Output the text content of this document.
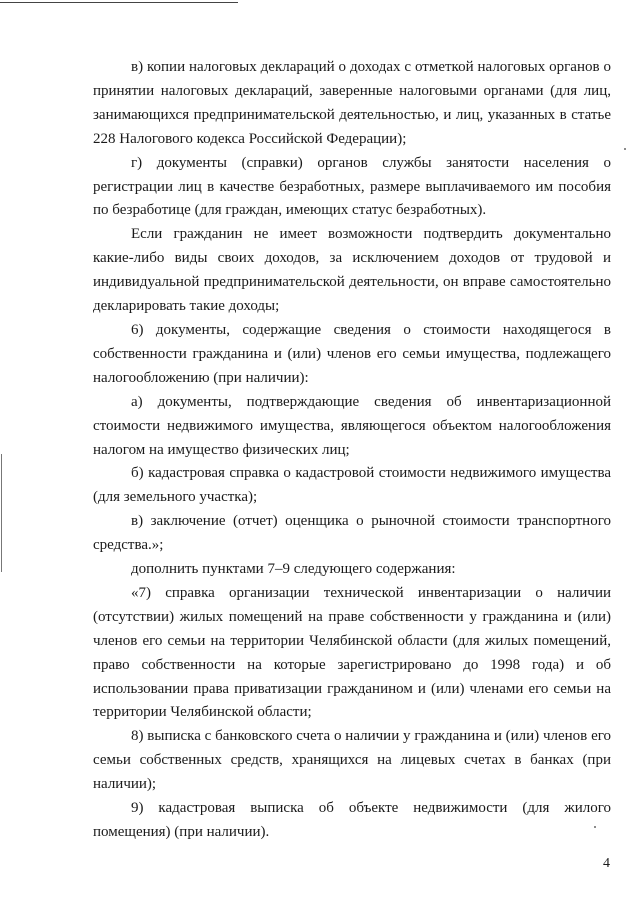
в) копии налоговых деклараций о доходах с отметкой налоговых органов о принятии налоговых деклараций, заверенные налоговыми органами (для лиц, занимающихся предпринимательской деятельностью, и лиц, указанных в статье 228 Налогового кодекса Российской Федерации);

г) документы (справки) органов службы занятости населения о регистрации лиц в качестве безработных, размере выплачиваемого им пособия по безработице (для граждан, имеющих статус безработных).

Если гражданин не имеет возможности подтвердить документально какие-либо виды своих доходов, за исключением доходов от трудовой и индивидуальной предпринимательской деятельности, он вправе самостоятельно декларировать такие доходы;

6) документы, содержащие сведения о стоимости находящегося в собственности гражданина и (или) членов его семьи имущества, подлежащего налогообложению (при наличии):

а) документы, подтверждающие сведения об инвентаризационной стоимости недвижимого имущества, являющегося объектом налогообложения налогом на имущество физических лиц;

б) кадастровая справка о кадастровой стоимости недвижимого имущества (для земельного участка);

в) заключение (отчет) оценщика о рыночной стоимости транспортного средства.»;

дополнить пунктами 7–9 следующего содержания:

«7) справка организации технической инвентаризации о наличии (отсутствии) жилых помещений на праве собственности у гражданина и (или) членов его семьи на территории Челябинской области (для жилых помещений, право собственности на которые зарегистрировано до 1998 года) и об использовании права приватизации гражданином и (или) членами его семьи на территории Челябинской области;

8) выписка с банковского счета о наличии у гражданина и (или) членов его семьи собственных средств, хранящихся на лицевых счетах в банках (при наличии);

9) кадастровая выписка об объекте недвижимости (для жилого помещения) (при наличии).

4
